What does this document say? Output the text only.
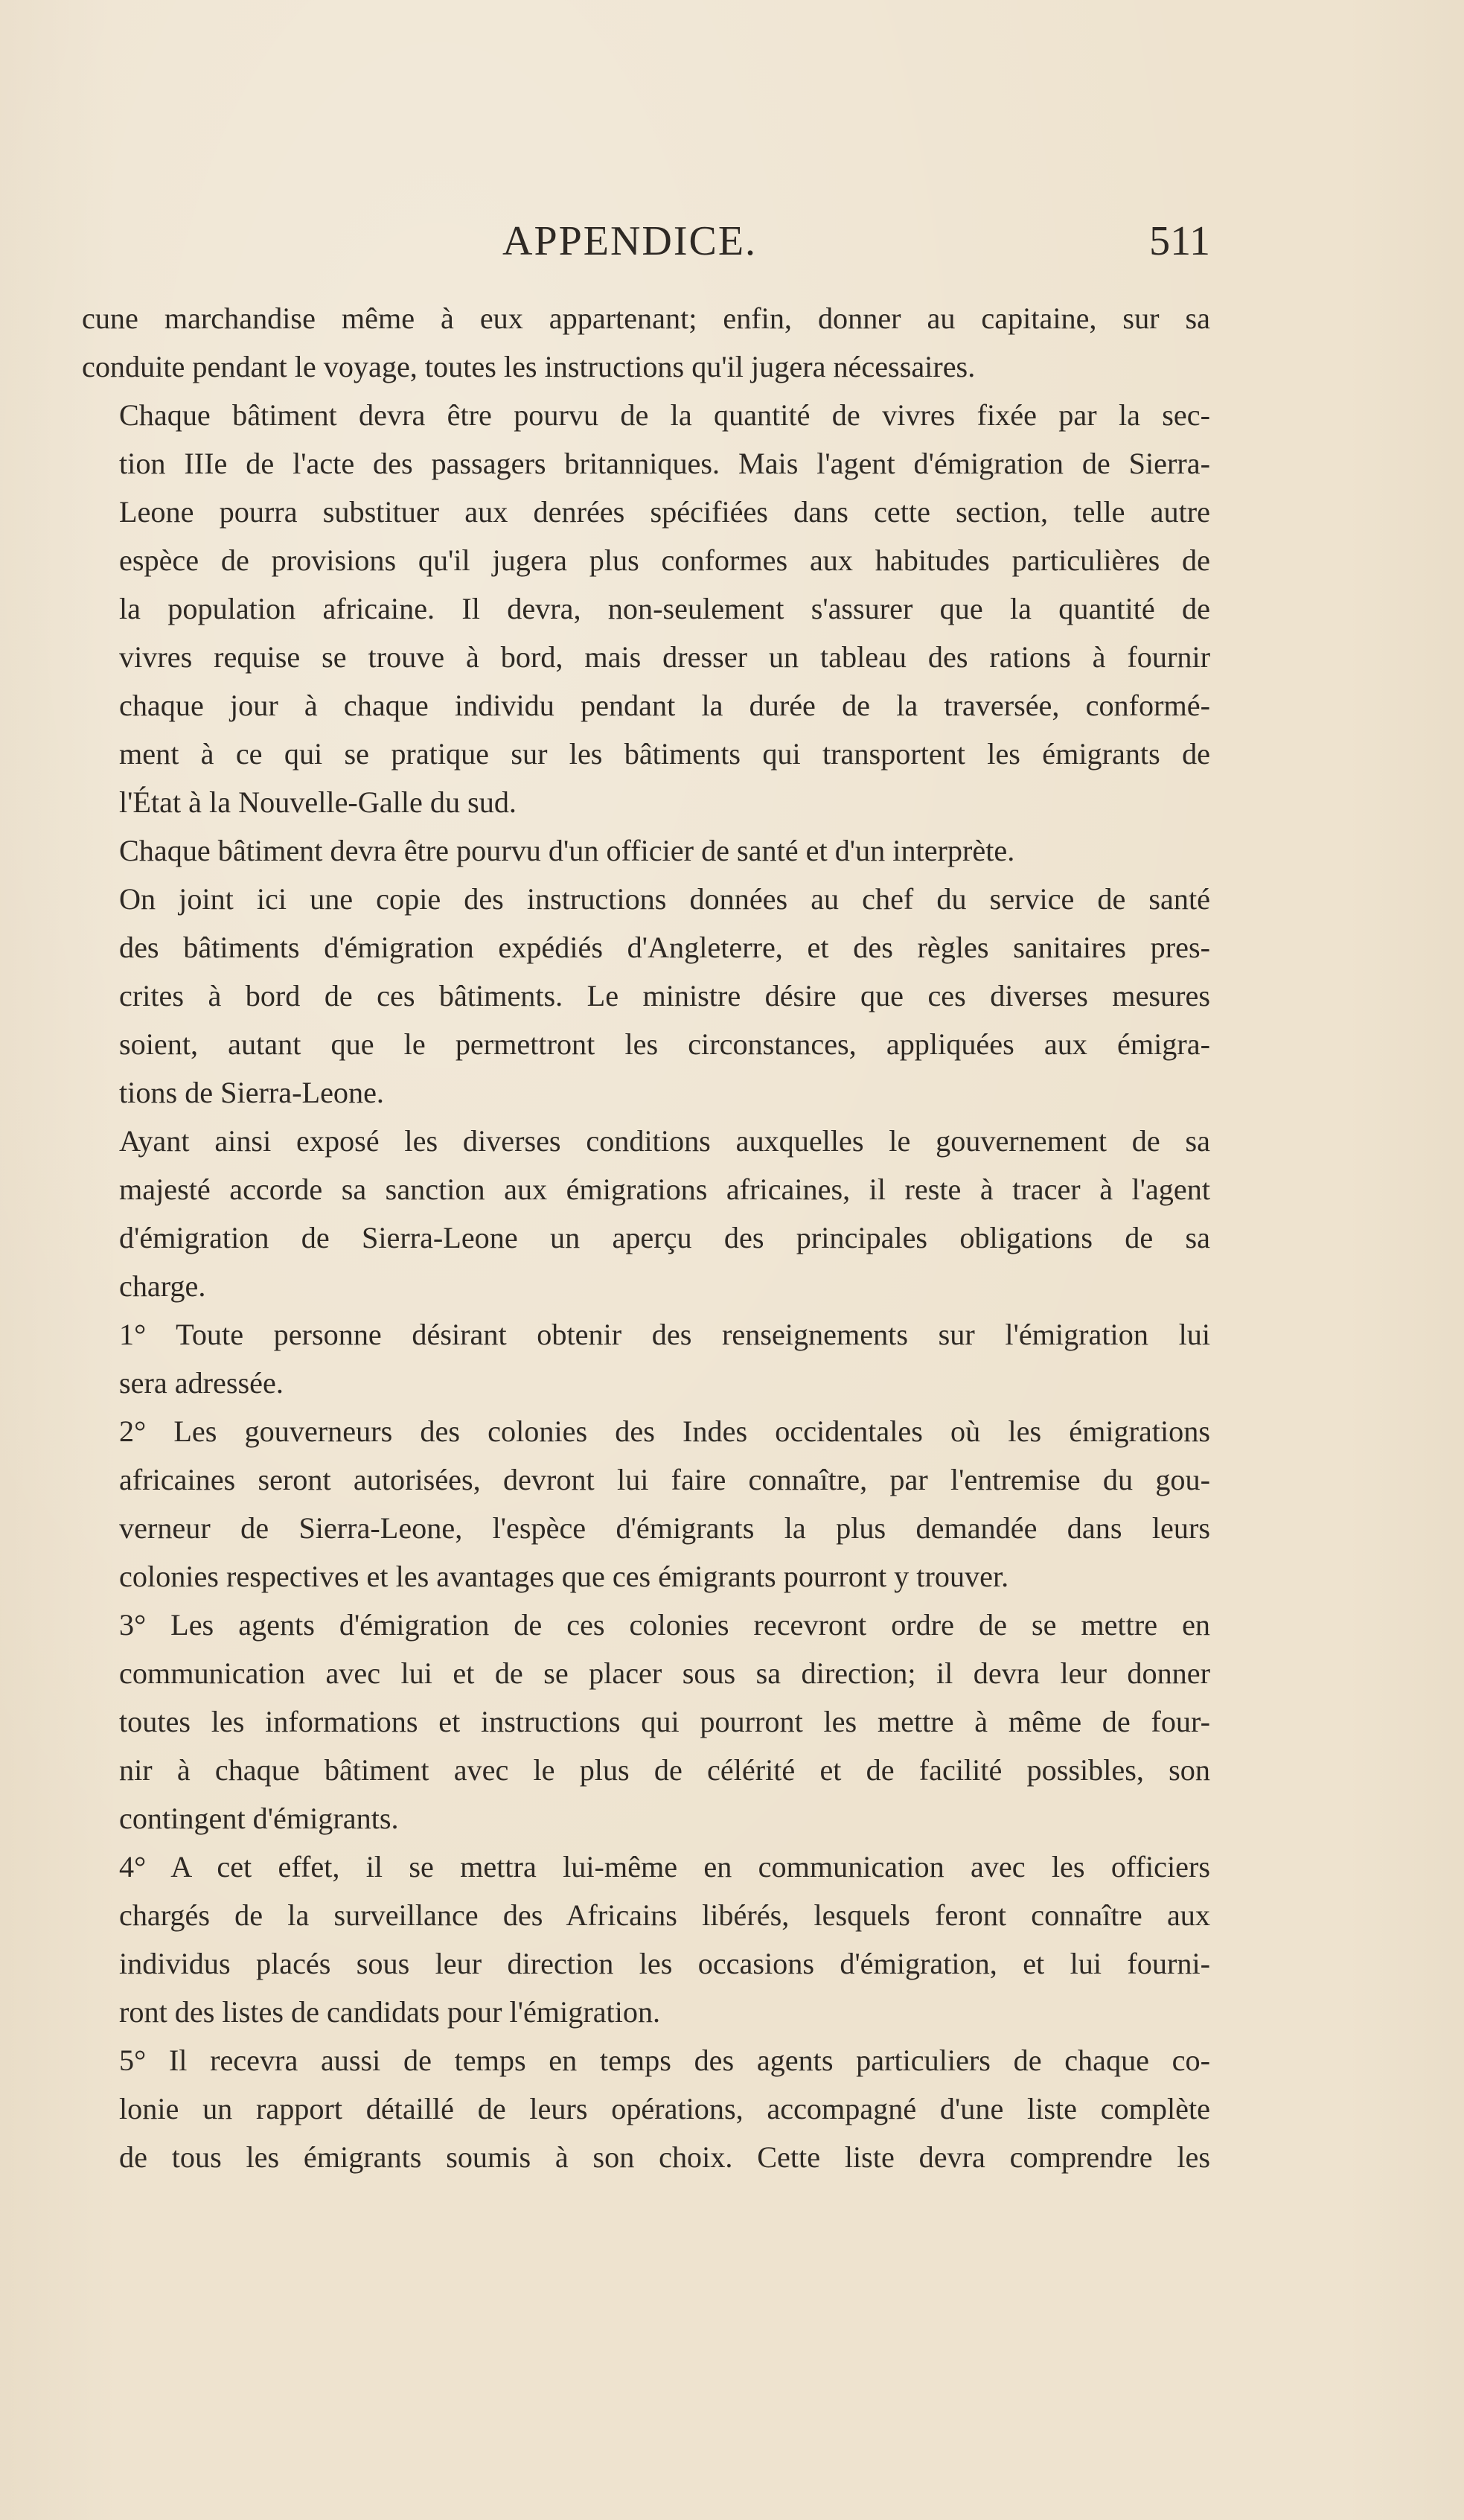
APPENDICE.	511

cune marchandise même à eux appartenant; enfin, donner au capitaine, sur sa
conduite pendant le voyage, toutes les instructions qu'il jugera nécessaires.

Chaque bâtiment devra être pourvu de la quantité de vivres fixée par la sec-
tion IIIe de l'acte des passagers britanniques. Mais l'agent d'émigration de Sierra-
Leone pourra substituer aux denrées spécifiées dans cette section, telle autre
espèce de provisions qu'il jugera plus conformes aux habitudes particulières de
la population africaine. Il devra, non-seulement s'assurer que la quantité de
vivres requise se trouve à bord, mais dresser un tableau des rations à fournir
chaque jour à chaque individu pendant la durée de la traversée, conformé-
ment à ce qui se pratique sur les bâtiments qui transportent les émigrants de
l'État à la Nouvelle-Galle du sud.

Chaque bâtiment devra être pourvu d'un officier de santé et d'un interprète.

On joint ici une copie des instructions données au chef du service de santé
des bâtiments d'émigration expédiés d'Angleterre, et des règles sanitaires pres-
crites à bord de ces bâtiments. Le ministre désire que ces diverses mesures
soient, autant que le permettront les circonstances, appliquées aux émigra-
tions de Sierra-Leone.

Ayant ainsi exposé les diverses conditions auxquelles le gouvernement de sa
majesté accorde sa sanction aux émigrations africaines, il reste à tracer à l'agent
d'émigration de Sierra-Leone un aperçu des principales obligations de sa
charge.

1° Toute personne désirant obtenir des renseignements sur l'émigration lui
sera adressée.

2° Les gouverneurs des colonies des Indes occidentales où les émigrations
africaines seront autorisées, devront lui faire connaître, par l'entremise du gou-
verneur de Sierra-Leone, l'espèce d'émigrants la plus demandée dans leurs
colonies respectives et les avantages que ces émigrants pourront y trouver.

3° Les agents d'émigration de ces colonies recevront ordre de se mettre en
communication avec lui et de se placer sous sa direction; il devra leur donner
toutes les informations et instructions qui pourront les mettre à même de four-
nir à chaque bâtiment avec le plus de célérité et de facilité possibles, son
contingent d'émigrants.

4° A cet effet, il se mettra lui-même en communication avec les officiers
chargés de la surveillance des Africains libérés, lesquels feront connaître aux
individus placés sous leur direction les occasions d'émigration, et lui fourni-
ront des listes de candidats pour l'émigration.

5° Il recevra aussi de temps en temps des agents particuliers de chaque co-
lonie un rapport détaillé de leurs opérations, accompagné d'une liste complète
de tous les émigrants soumis à son choix. Cette liste devra comprendre les
